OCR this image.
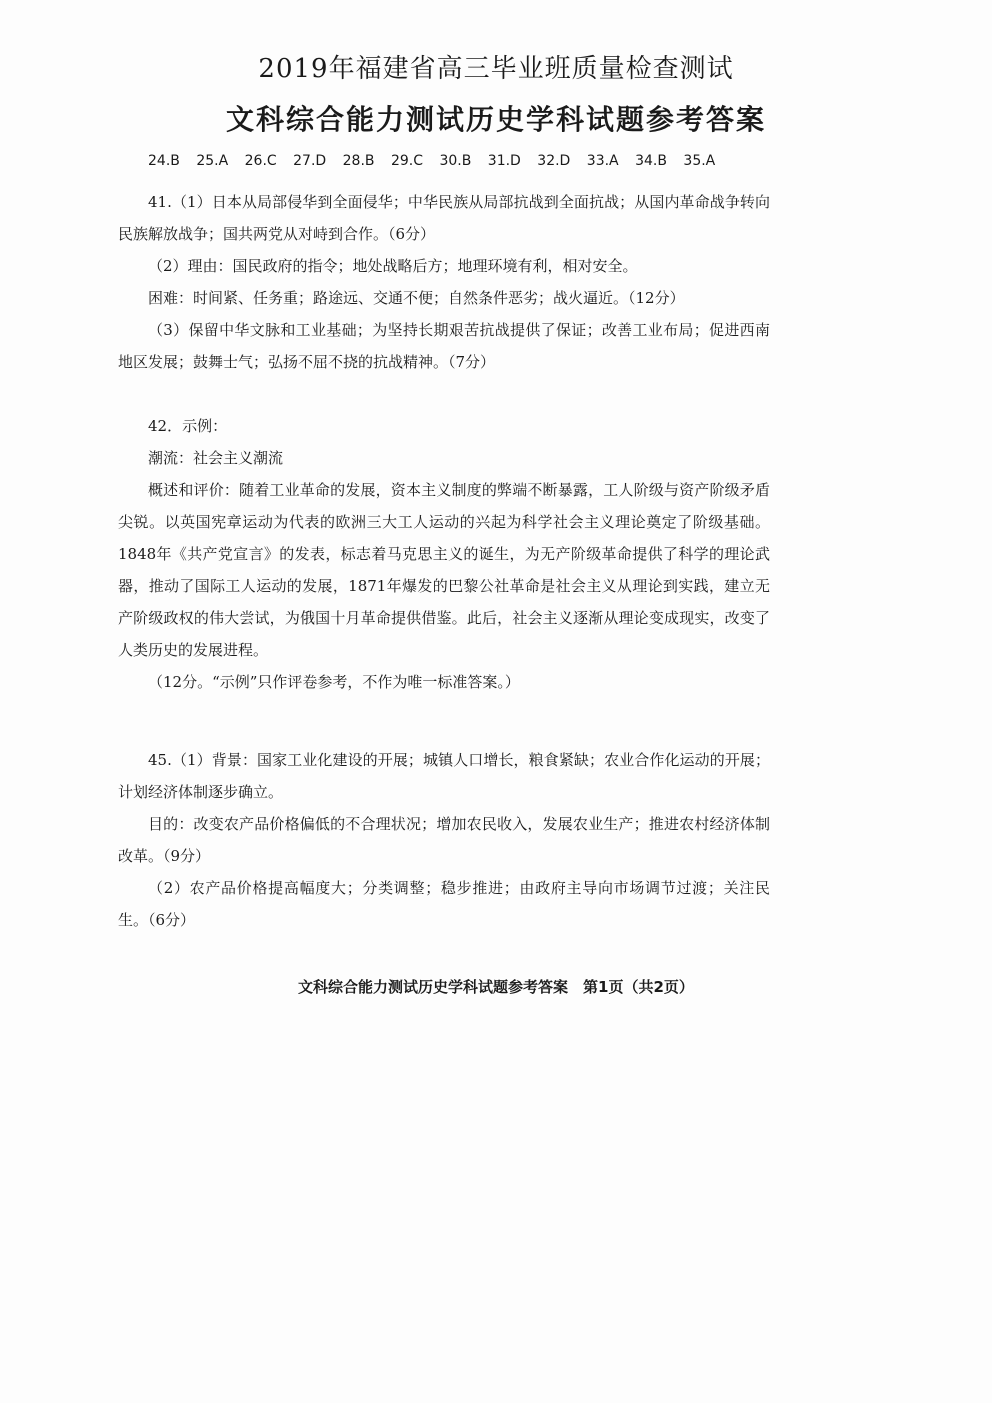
2019年福建省高三毕业班质量检查测试
文科综合能力测试历史学科试题参考答案
24.B 25.A 26.C 27.D 28.B 29.C 30.B 31.D 32.D 33.A 34.B 35.A

41.（1）日本从局部侵华到全面侵华；中华民族从局部抗战到全面抗战；从国内革命战争转向民族解放战争；国共两党从对峙到合作。（6分）

（2）理由：国民政府的指令；地处战略后方；地理环境有利，相对安全。

困难：时间紧、任务重；路途远、交通不便；自然条件恶劣；战火逼近。（12分）

（3）保留中华文脉和工业基础；为坚持长期艰苦抗战提供了保证；改善工业布局；促进西南地区发展；鼓舞士气；弘扬不屈不挠的抗战精神。（7分）

42．示例：

潮流：社会主义潮流

概述和评价：随着工业革命的发展，资本主义制度的弊端不断暴露，工人阶级与资产阶级矛盾尖锐。以英国宪章运动为代表的欧洲三大工人运动的兴起为科学社会主义理论奠定了阶级基础。1848年《共产党宣言》的发表，标志着马克思主义的诞生，为无产阶级革命提供了科学的理论武器，推动了国际工人运动的发展，1871年爆发的巴黎公社革命是社会主义从理论到实践，建立无产阶级政权的伟大尝试，为俄国十月革命提供借鉴。此后，社会主义逐渐从理论变成现实，改变了人类历史的发展进程。

（12分。“示例”只作评卷参考，不作为唯一标准答案。）

45.（1）背景：国家工业化建设的开展；城镇人口增长，粮食紧缺；农业合作化运动的开展；计划经济体制逐步确立。

目的：改变农产品价格偏低的不合理状况；增加农民收入，发展农业生产；推进农村经济体制改革。（9分）

（2）农产品价格提高幅度大；分类调整；稳步推进；由政府主导向市场调节过渡；关注民生。（6分）

文科综合能力测试历史学科试题参考答案　第1页（共2页）
